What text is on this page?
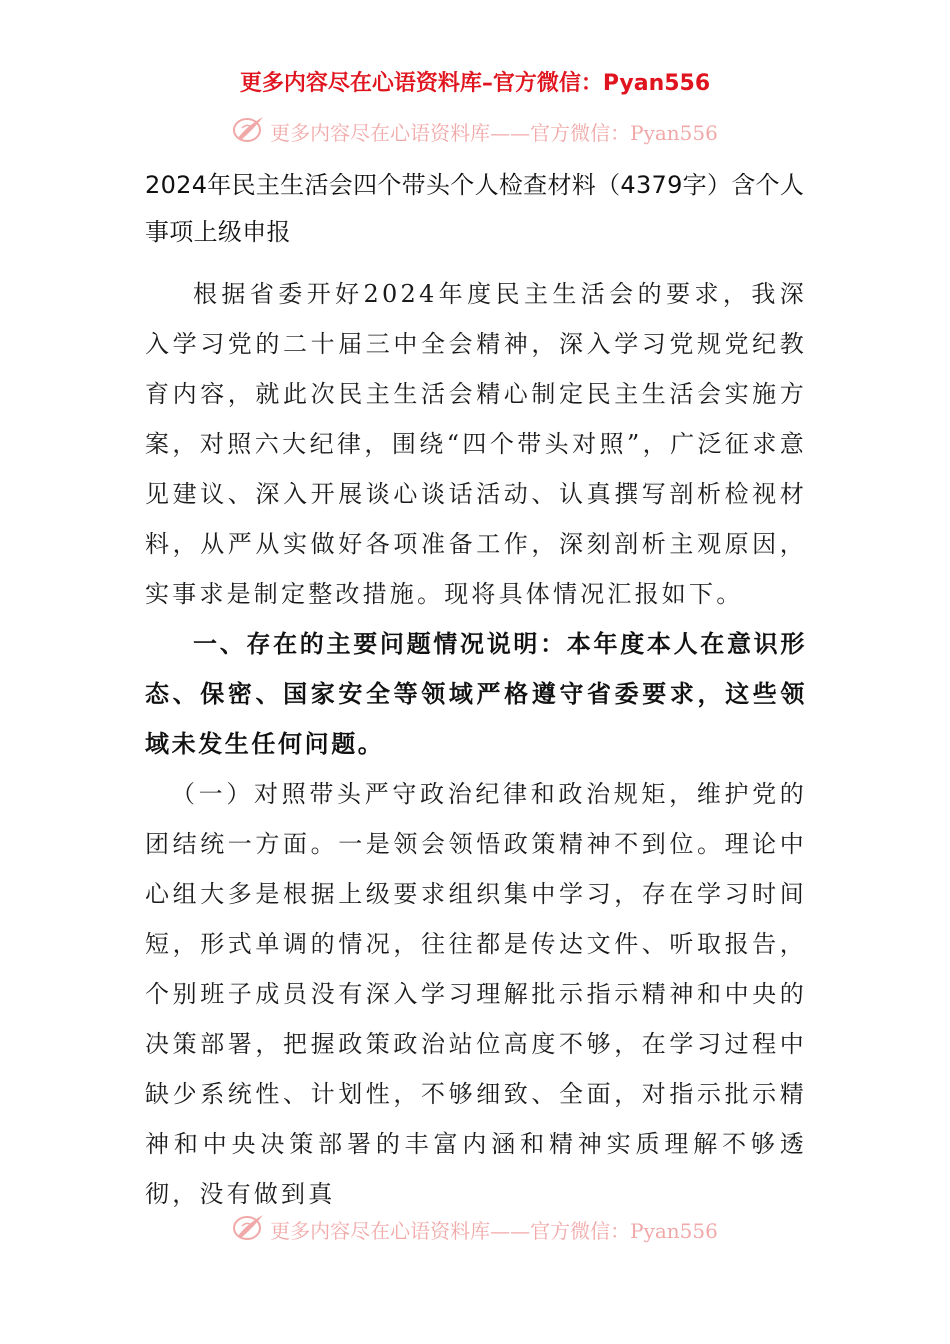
更多内容尽在心语资料库–官方微信：Pyan556
更多内容尽在心语资料库——官方微信：Pyan556
2024年民主生活会四个带头个人检查材料（4379字）含个人事项上级申报

根据省委开好2024年度民主生活会的要求，我深入学习党的二十届三中全会精神，深入学习党规党纪教育内容，就此次民主生活会精心制定民主生活会实施方案，对照六大纪律，围绕“四个带头对照”，广泛征求意见建议、深入开展谈心谈话活动、认真撰写剖析检视材料，从严从实做好各项准备工作，深刻剖析主观原因，实事求是制定整改措施。现将具体情况汇报如下。

一、存在的主要问题情况说明：本年度本人在意识形态、保密、国家安全等领域严格遵守省委要求，这些领域未发生任何问题。

（一）对照带头严守政治纪律和政治规矩，维护党的团结统一方面。一是领会领悟政策精神不到位。理论中心组大多是根据上级要求组织集中学习，存在学习时间短，形式单调的情况，往往都是传达文件、听取报告，个别班子成员没有深入学习理解批示指示精神和中央的决策部署，把握政策政治站位高度不够，在学习过程中缺少系统性、计划性，不够细致、全面，对指示批示精神和中央决策部署的丰富内涵和精神实质理解不够透彻，没有做到真

更多内容尽在心语资料库——官方微信：Pyan556
